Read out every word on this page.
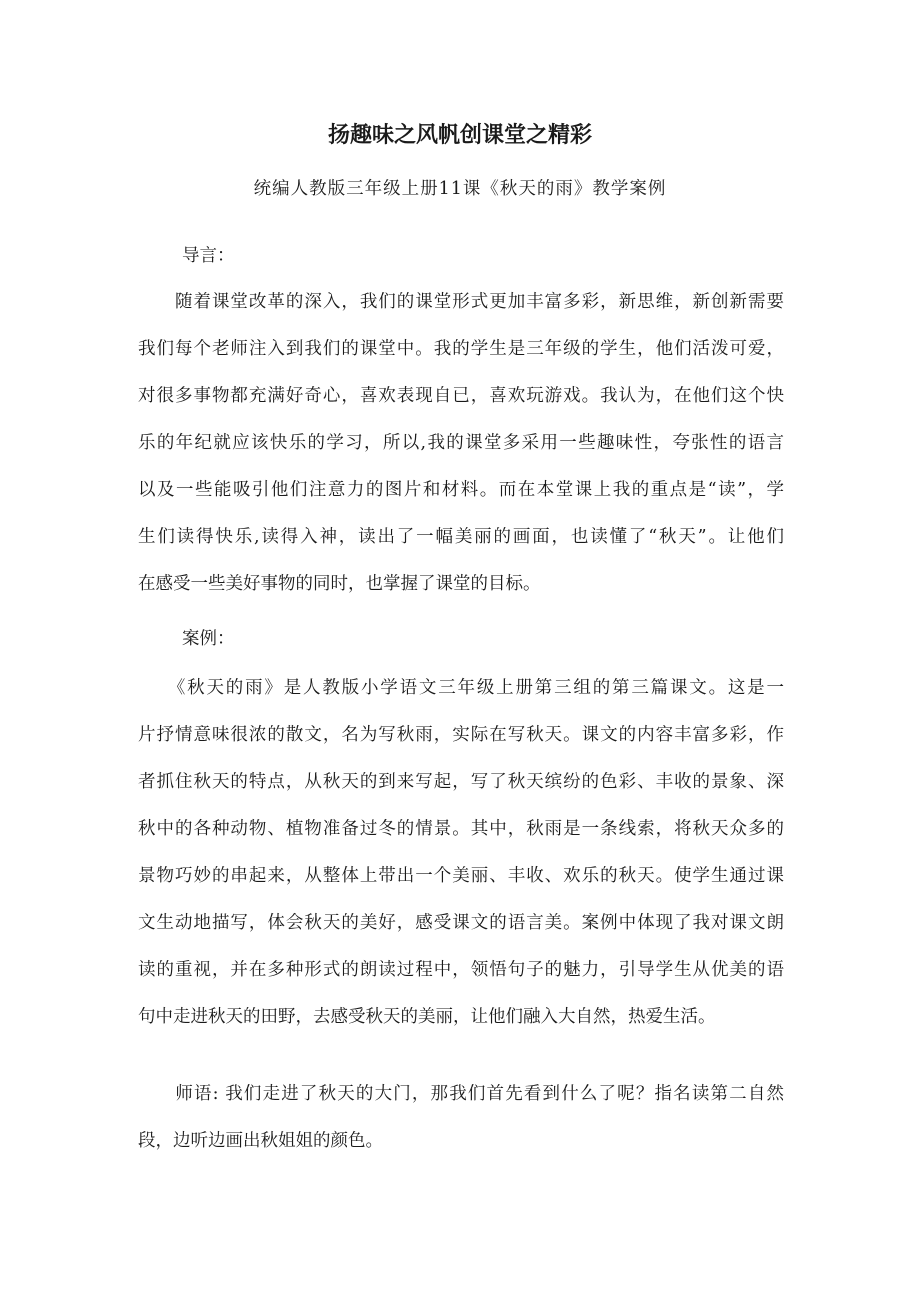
扬趣味之风帆创课堂之精彩
统编人教版三年级上册11课《秋天的雨》教学案例
导言：
　　随着课堂改革的深入，我们的课堂形式更加丰富多彩，新思维，新创新需要
我们每个老师注入到我们的课堂中。我的学生是三年级的学生，他们活泼可爱，
对很多事物都充满好奇心，喜欢表现自已，喜欢玩游戏。我认为，在他们这个快
乐的年纪就应该快乐的学习，所以,我的课堂多采用一些趣味性，夸张性的语言
以及一些能吸引他们注意力的图片和材料。而在本堂课上我的重点是“读”，学
生们读得快乐,读得入神，读出了一幅美丽的画面，也读懂了“秋天”。让他们
在感受一些美好事物的同时，也掌握了课堂的目标。
案例：
　　《秋天的雨》是人教版小学语文三年级上册第三组的第三篇课文。这是一
片抒情意味很浓的散文，名为写秋雨，实际在写秋天。课文的内容丰富多彩，作
者抓住秋天的特点，从秋天的到来写起，写了秋天缤纷的色彩、丰收的景象、深
秋中的各种动物、植物准备过冬的情景。其中，秋雨是一条线索，将秋天众多的
景物巧妙的串起来，从整体上带出一个美丽、丰收、欢乐的秋天。使学生通过课
文生动地描写，体会秋天的美好，感受课文的语言美。案例中体现了我对课文朗
读的重视，并在多种形式的朗读过程中，领悟句子的魅力，引导学生从优美的语
句中走进秋天的田野，去感受秋天的美丽，让他们融入大自然，热爱生活。
　　师语: 我们走进了秋天的大门，那我们首先看到什么了呢？指名读第二自然
段，边听边画出秋姐姐的颜色。
